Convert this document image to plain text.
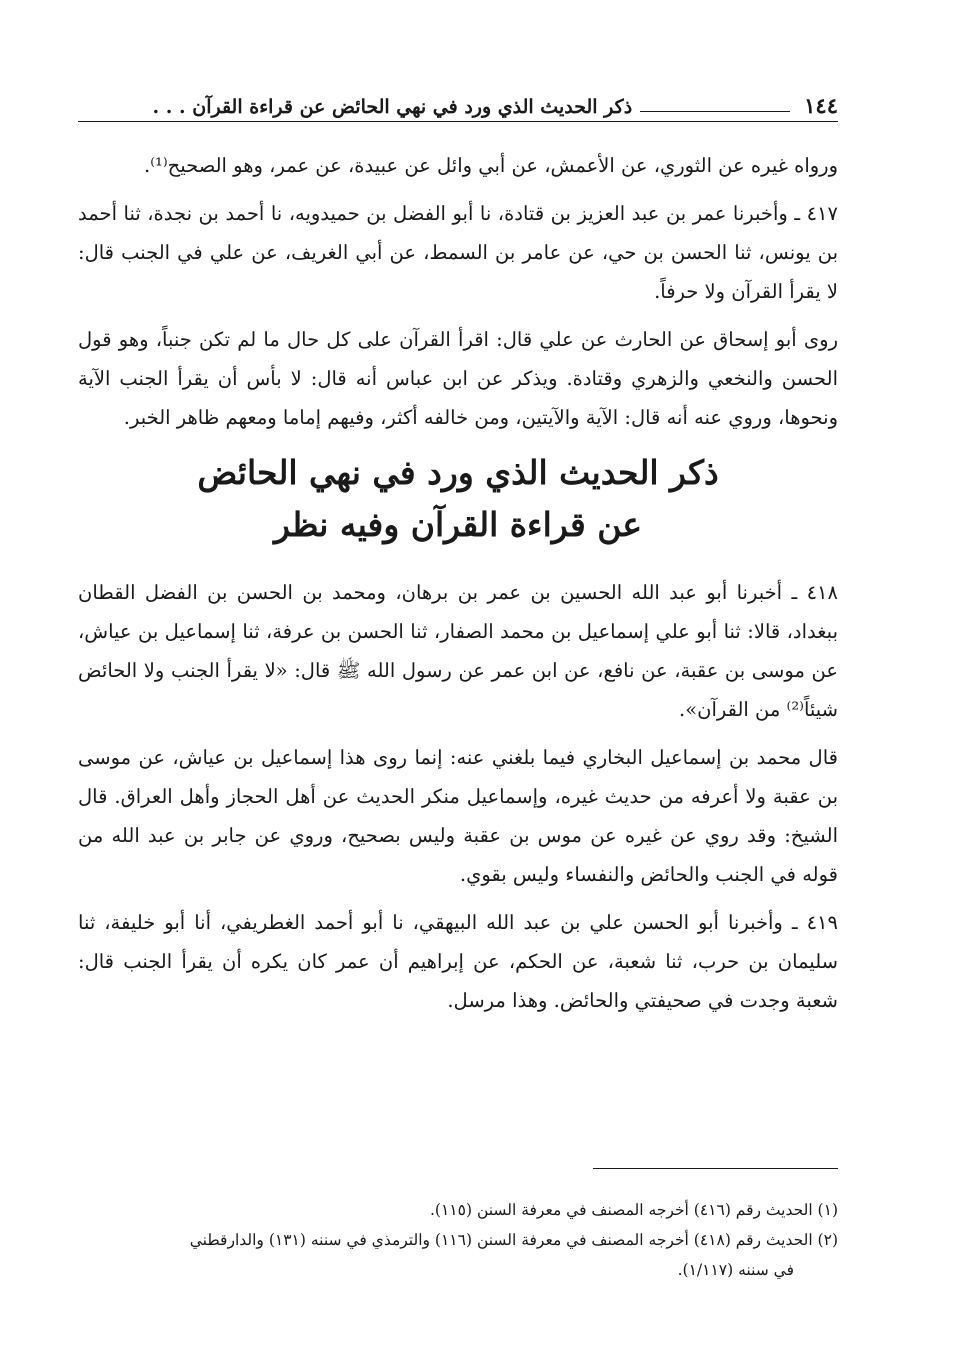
١٤٤
ذكر الحديث الذي ورد في نهي الحائض عن قراءة القرآن . . .

ورواه غيره عن الثوري، عن الأعمش، عن أبي وائل عن عبيدة، عن عمر، وهو الصحيح⁽¹⁾.

٤١٧ ـ وأخبرنا عمر بن عبد العزيز بن قتادة، نا أبو الفضل بن حميدويه، نا أحمد بن نجدة، ثنا أحمد بن يونس، ثنا الحسن بن حي، عن عامر بن السمط، عن أبي الغريف، عن علي في الجنب قال: لا يقرأ القرآن ولا حرفاً.

روى أبو إسحاق عن الحارث عن علي قال: اقرأ القرآن على كل حال ما لم تكن جنباً، وهو قول الحسن والنخعي والزهري وقتادة. ويذكر عن ابن عباس أنه قال: لا بأس أن يقرأ الجنب الآية ونحوها، وروي عنه أنه قال: الآية والآيتين، ومن خالفه أكثر، وفيهم إماما ومعهم ظاهر الخبر.

ذكر الحديث الذي ورد في نهي الحائض
عن قراءة القرآن وفيه نظر

٤١٨ ـ أخبرنا أبو عبد الله الحسين بن عمر بن برهان، ومحمد بن الحسن بن الفضل القطان ببغداد، قالا: ثنا أبو علي إسماعيل بن محمد الصفار، ثنا الحسن بن عرفة، ثنا إسماعيل بن عياش، عن موسى بن عقبة، عن نافع، عن ابن عمر عن رسول الله ﷺ قال: «لا يقرأ الجنب ولا الحائض شيئاً⁽²⁾ من القرآن».

قال محمد بن إسماعيل البخاري فيما بلغني عنه: إنما روى هذا إسماعيل بن عياش، عن موسى بن عقبة ولا أعرفه من حديث غيره، وإسماعيل منكر الحديث عن أهل الحجاز وأهل العراق. قال الشيخ: وقد روي عن غيره عن موس بن عقبة وليس بصحيح، وروي عن جابر بن عبد الله من قوله في الجنب والحائض والنفساء وليس بقوي.

٤١٩ ـ وأخبرنا أبو الحسن علي بن عبد الله البيهقي، نا أبو أحمد الغطريفي، أنا أبو خليفة، ثنا سليمان بن حرب، ثنا شعبة، عن الحكم، عن إبراهيم أن عمر كان يكره أن يقرأ الجنب قال: شعبة وجدت في صحيفتي والحائض. وهذا مرسل.

(١) الحديث رقم (٤١٦) أخرجه المصنف في معرفة السنن (١١٥).

(٢) الحديث رقم (٤١٨) أخرجه المصنف في معرفة السنن (١١٦) والترمذي في سننه (١٣١) والدارقطني

في سننه (١/١١٧).
